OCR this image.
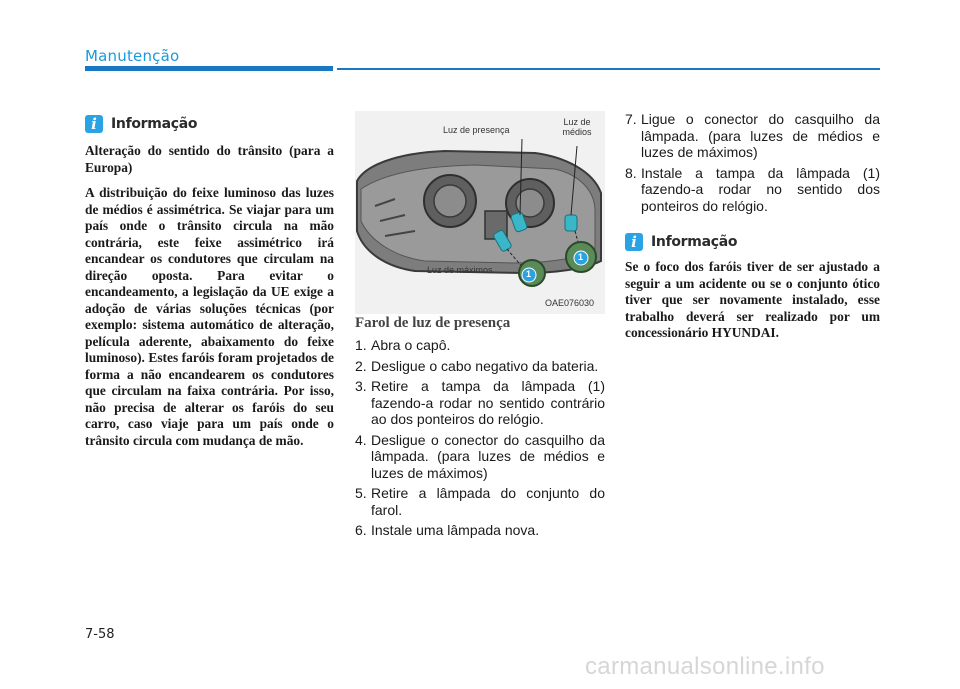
Manutenção
i	Informação

Alteração do sentido do trânsito (para a Europa)

A distribuição do feixe luminoso das luzes de médios é assimétrica. Se viajar para um país onde o trânsito circula na mão contrária, este feixe assimétrico irá encandear os condutores que circulam na direção oposta. Para evitar o encandeamento, a legislação da UE exige a adoção de várias soluções técnicas (por exemplo: sistema automático de alteração, película aderente, abaixamento do feixe luminoso). Estes faróis foram projetados de forma a não encandearem os condutores que circulam na faixa contrária. Por isso, não precisa de alterar os faróis do seu carro, caso viaje para um país onde o trânsito circula com mudança de mão.

Luz de presença
Luz de
médios
Luz de máximos	1
1
OAE076030
Farol de luz de presença
1. Abra o capô.
2. Desligue o cabo negativo da bateria.
3. Retire a tampa da lâmpada (1) fazendo-a rodar no sentido contrário ao dos ponteiros do relógio.
4. Desligue o conector do casquilho da lâmpada. (para luzes de médios e luzes de máximos)
5. Retire a lâmpada do conjunto do farol.
6. Instale uma lâmpada nova.
7. Ligue o conector do casquilho da lâmpada. (para luzes de médios e luzes de máximos)
8. Instale a tampa da lâmpada (1) fazendo-a rodar no sentido dos ponteiros do relógio.
i	Informação

Se o foco dos faróis tiver de ser ajustado a seguir a um acidente ou se o conjunto ótico tiver que ser novamente instalado, esse trabalho deverá ser realizado por um concessionário HYUNDAI.

7-58
carmanualsonline.info
